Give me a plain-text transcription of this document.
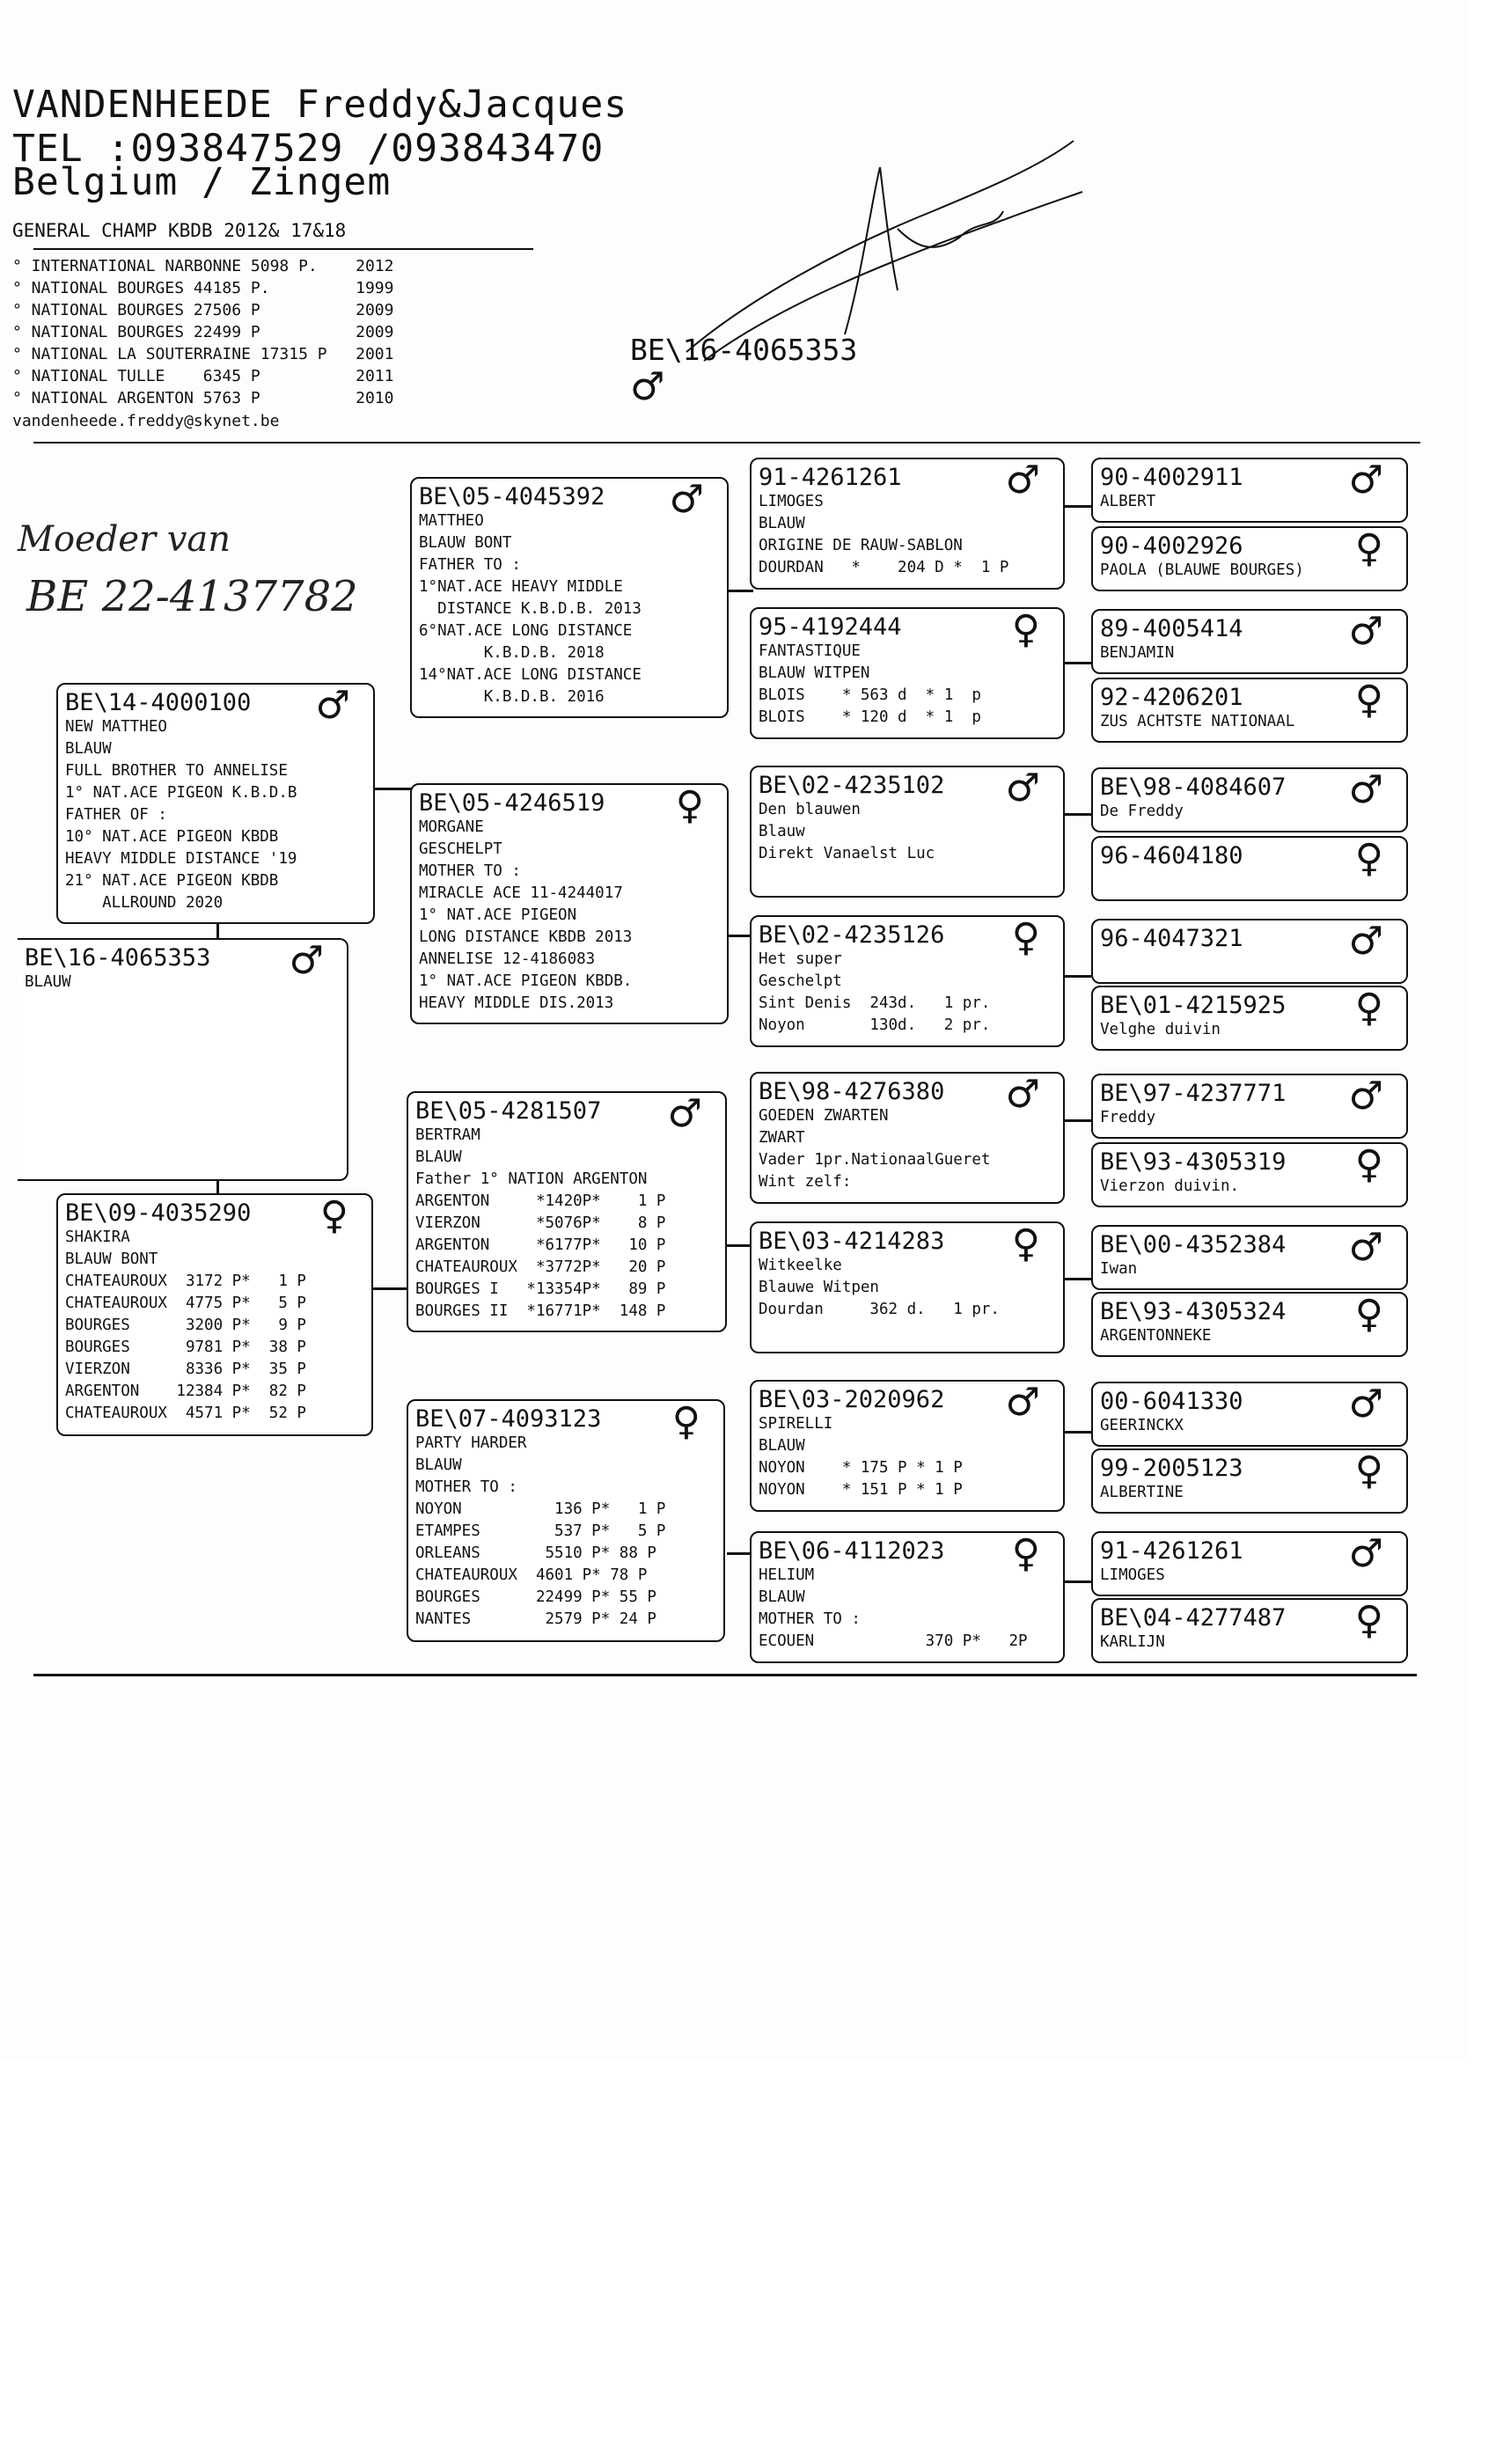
VANDENHEEDE Freddy&Jacques
TEL :093847529 /093843470
Belgium / Zingem
GENERAL CHAMP KBDB 2012& 17&18
° INTERNATIONAL NARBONNE 5098 P.    2012
° NATIONAL BOURGES 44185 P.         1999
° NATIONAL BOURGES 27506 P          2009
° NATIONAL BOURGES 22499 P          2009
° NATIONAL LA SOUTERRAINE 17315 P   2001
° NATIONAL TULLE    6345 P          2011
° NATIONAL ARGENTON 5763 P          2010
vandenheede.freddy@skynet.be
BE\16-4065353
♂
Moeder van
BE 22-4137782
BE\16-4065353	♂
BLAUW
BE\14-4000100	♂
NEW MATTHEO
BLAUW
FULL BROTHER TO ANNELISE
1° NAT.ACE PIGEON K.B.D.B
FATHER OF :
10° NAT.ACE PIGEON KBDB
HEAVY MIDDLE DISTANCE '19
21° NAT.ACE PIGEON KBDB
ALLROUND 2020
BE\09-4035290	♀
SHAKIRA
BLAUW BONT
CHATEAUROUX  3172 P*   1 P
CHATEAUROUX  4775 P*   5 P
BOURGES      3200 P*   9 P
BOURGES      9781 P*  38 P
VIERZON      8336 P*  35 P
ARGENTON    12384 P*  82 P
CHATEAUROUX  4571 P*  52 P
BE\05-4045392	♂
MATTHEO
BLAUW BONT
FATHER TO :
1°NAT.ACE HEAVY MIDDLE
DISTANCE K.B.D.B. 2013
6°NAT.ACE LONG DISTANCE
K.B.D.B. 2018
14°NAT.ACE LONG DISTANCE
K.B.D.B. 2016
BE\05-4246519	♀
MORGANE
GESCHELPT
MOTHER TO :
MIRACLE ACE 11-4244017
1° NAT.ACE PIGEON
LONG DISTANCE KBDB 2013
ANNELISE 12-4186083
1° NAT.ACE PIGEON KBDB.
HEAVY MIDDLE DIS.2013
BE\05-4281507	♂
BERTRAM
BLAUW
Father 1° NATION ARGENTON
ARGENTON     *1420P*    1 P
VIERZON      *5076P*    8 P
ARGENTON     *6177P*   10 P
CHATEAUROUX  *3772P*   20 P
BOURGES I   *13354P*   89 P
BOURGES II  *16771P*  148 P
BE\07-4093123	♀
PARTY HARDER
BLAUW
MOTHER TO :
NOYON          136 P*   1 P
ETAMPES        537 P*   5 P
ORLEANS       5510 P* 88 P
CHATEAUROUX  4601 P* 78 P
BOURGES      22499 P* 55 P
NANTES        2579 P* 24 P
91-4261261	♂
LIMOGES
BLAUW
ORIGINE DE RAUW-SABLON
DOURDAN   *    204 D *  1 P
95-4192444	♀
FANTASTIQUE
BLAUW WITPEN
BLOIS    * 563 d  * 1  p
BLOIS    * 120 d  * 1  p
BE\02-4235102	♂
Den blauwen
Blauw
Direkt Vanaelst Luc
BE\02-4235126	♀
Het super
Geschelpt
Sint Denis  243d.   1 pr.
Noyon       130d.   2 pr.
BE\98-4276380	♂
GOEDEN ZWARTEN
ZWART
Vader 1pr.NationaalGueret
Wint zelf:
BE\03-4214283	♀
Witkeelke
Blauwe Witpen
Dourdan     362 d.   1 pr.
BE\03-2020962	♂
SPIRELLI
BLAUW
NOYON    * 175 P * 1 P
NOYON    * 151 P * 1 P
BE\06-4112023	♀
HELIUM
BLAUW
MOTHER TO :
ECOUEN            370 P*   2P
90-4002911	♂
ALBERT
90-4002926	♀
PAOLA (BLAUWE BOURGES)
89-4005414	♂
BENJAMIN
92-4206201	♀
ZUS ACHTSTE NATIONAAL
BE\98-4084607	♂
De Freddy
96-4604180	♀
96-4047321	♂
BE\01-4215925	♀
Velghe duivin
BE\97-4237771	♂
Freddy
BE\93-4305319	♀
Vierzon duivin.
BE\00-4352384	♂
Iwan
BE\93-4305324	♀
ARGENTONNEKE
00-6041330	♂
GEERINCKX
99-2005123	♀
ALBERTINE
91-4261261	♂
LIMOGES
BE\04-4277487	♀
KARLIJN
